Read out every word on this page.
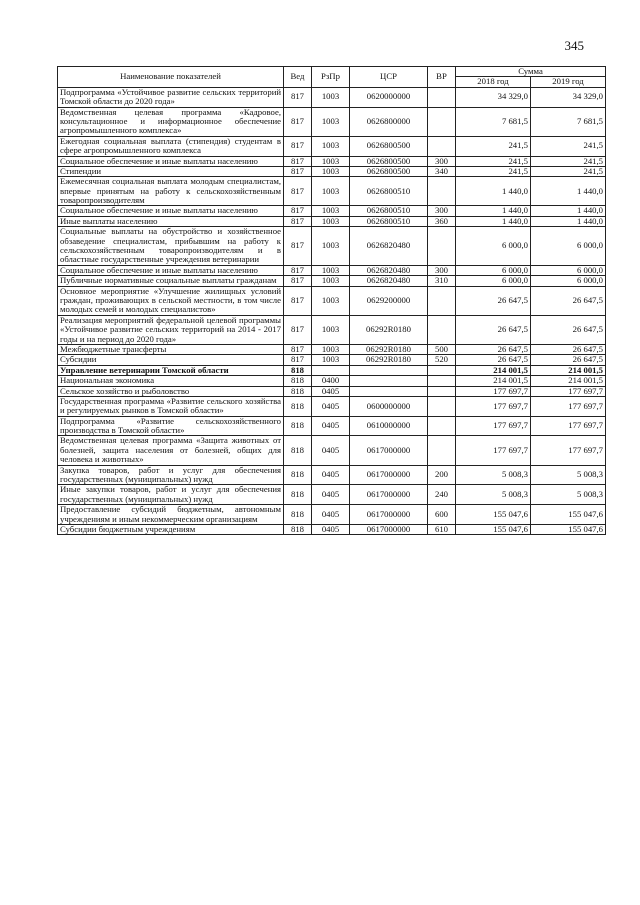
345
Наименование показателей	Вед	РзПр	ЦСР	ВР	Сумма	
					2018 год	2019 год
Подпрограмма «Устойчивое развитие сельских территорий Томской области до 2020 года»	817	1003	0620000000		34 329,0	34 329,0
Ведомственная целевая программа «Кадровое, консультационное и информационное обеспечение агропромышленного комплекса»	817	1003	0626800000		7 681,5	7 681,5
Ежегодная социальная выплата (стипендия) студентам в сфере агропромышленного комплекса	817	1003	0626800500		241,5	241,5
Социальное обеспечение и иные выплаты населению	817	1003	0626800500	300	241,5	241,5
Стипендии	817	1003	0626800500	340	241,5	241,5
Ежемесячная социальная выплата молодым специалистам, впервые принятым на работу к сельскохозяйственным товаропроизводителям	817	1003	0626800510		1 440,0	1 440,0
Социальное обеспечение и иные выплаты населению	817	1003	0626800510	300	1 440,0	1 440,0
Иные выплаты населению	817	1003	0626800510	360	1 440,0	1 440,0
Социальные выплаты на обустройство и хозяйственное обзаведение специалистам, прибывшим на работу к сельскохозяйственным товаропроизводителям и в областные государственные учреждения ветеринарии	817	1003	0626820480		6 000,0	6 000,0
Социальное обеспечение и иные выплаты населению	817	1003	0626820480	300	6 000,0	6 000,0
Публичные нормативные социальные выплаты гражданам	817	1003	0626820480	310	6 000,0	6 000,0
Основное мероприятие «Улучшение жилищных условий граждан, проживающих в сельской местности, в том числе молодых семей и молодых специалистов»	817	1003	0629200000		26 647,5	26 647,5
Реализация мероприятий федеральной целевой программы «Устойчивое развитие сельских территорий на 2014 - 2017 годы и на период до 2020 года»	817	1003	06292R0180		26 647,5	26 647,5
Межбюджетные трансферты	817	1003	06292R0180	500	26 647,5	26 647,5
Субсидии	817	1003	06292R0180	520	26 647,5	26 647,5
Управление ветеринарии Томской области	818				214 001,5	214 001,5
Национальная экономика	818	0400			214 001,5	214 001,5
Сельское хозяйство и рыболовство	818	0405			177 697,7	177 697,7
Государственная программа «Развитие сельского хозяйства и регулируемых рынков в Томской области»	818	0405	0600000000		177 697,7	177 697,7
Подпрограмма «Развитие сельскохозяйственного производства в Томской области»	818	0405	0610000000		177 697,7	177 697,7
Ведомственная целевая программа «Защита животных от болезней, защита населения от болезней, общих для человека и животных»	818	0405	0617000000		177 697,7	177 697,7
Закупка товаров, работ и услуг для обеспечения государственных (муниципальных) нужд	818	0405	0617000000	200	5 008,3	5 008,3
Иные закупки товаров, работ и услуг для обеспечения государственных (муниципальных) нужд	818	0405	0617000000	240	5 008,3	5 008,3
Предоставление субсидий бюджетным, автономным учреждениям и иным некоммерческим организациям	818	0405	0617000000	600	155 047,6	155 047,6
Субсидии бюджетным учреждениям	818	0405	0617000000	610	155 047,6	155 047,6
